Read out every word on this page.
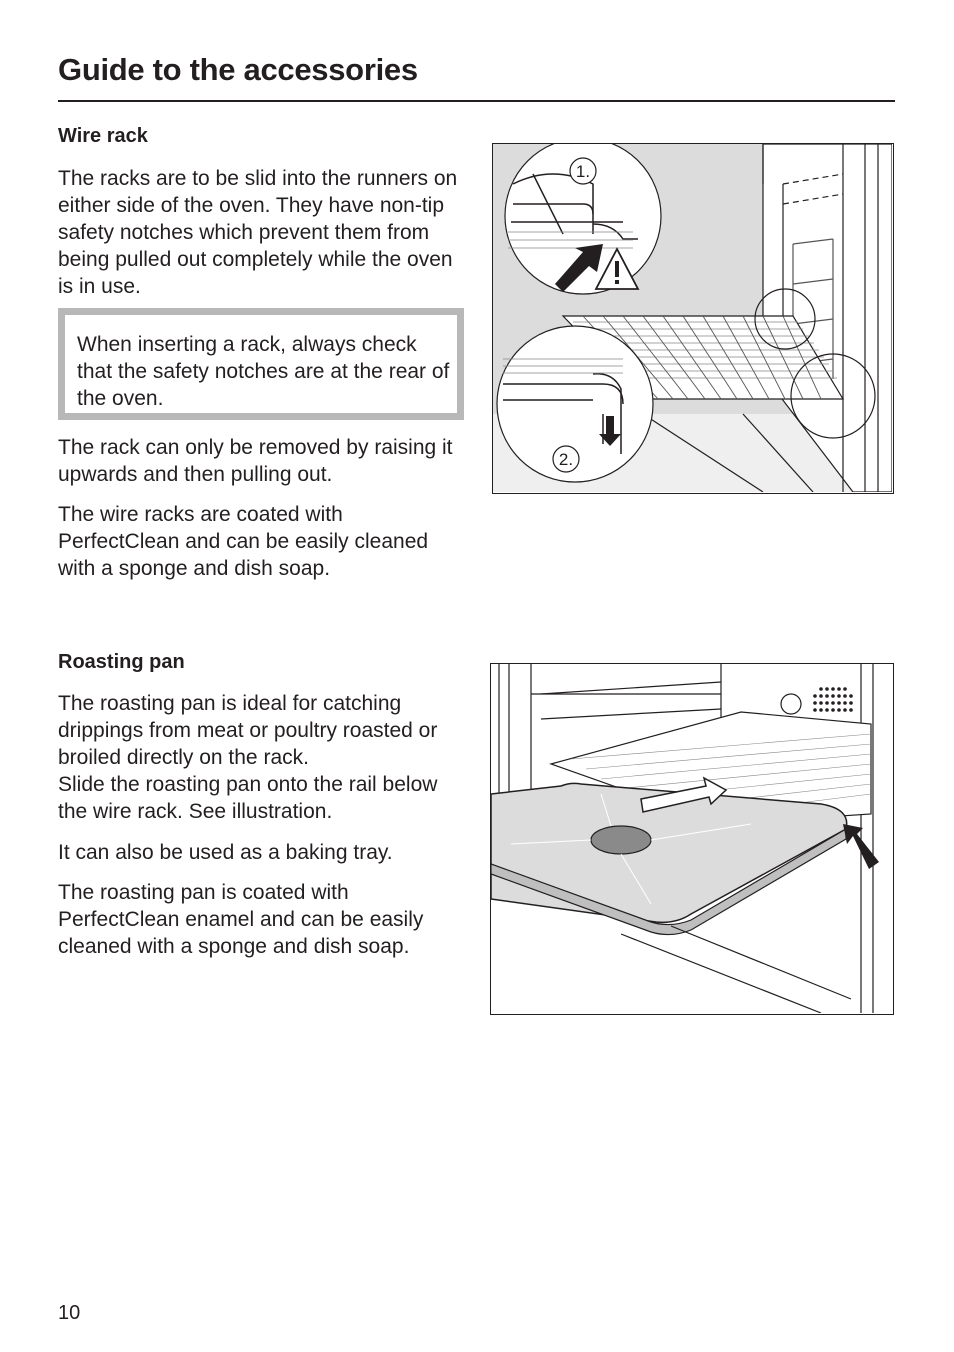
Guide to the accessories
Wire rack

The racks are to be slid into the runners on either side of the oven. They have non-tip safety notches which prevent them from being pulled out completely while the oven is in use.

When inserting a rack, always check that the safety notches are at the rear of the oven.

The rack can only be removed by raising it upwards and then pulling out.

The wire racks are coated with PerfectClean and can be easily cleaned with a sponge and dish soap.

1.
2.
Roasting pan

The roasting pan is ideal for catching drippings from meat or poultry roasted or broiled directly on the rack.

Slide the roasting pan onto the rail below the wire rack. See illustration.

It can also be used as a baking tray.

The roasting pan is coated with PerfectClean enamel and can be easily cleaned with a sponge and dish soap.

10
